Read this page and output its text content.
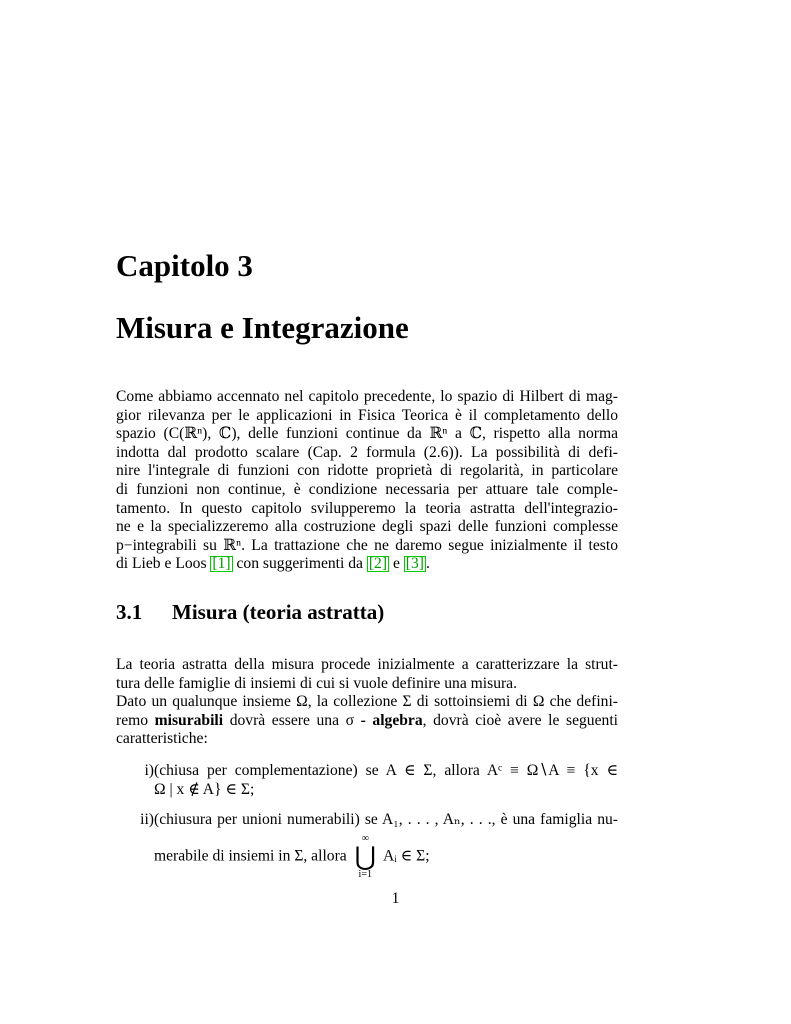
Capitolo 3
Misura e Integrazione
Come abbiamo accennato nel capitolo precedente, lo spazio di Hilbert di mag-
gior rilevanza per le applicazioni in Fisica Teorica è il completamento dello
spazio (C(ℝⁿ), ℂ), delle funzioni continue da ℝⁿ a ℂ, rispetto alla norma
indotta dal prodotto scalare (Cap. 2 formula (2.6)). La possibilità di defi-
nire l'integrale di funzioni con ridotte proprietà di regolarità, in particolare
di funzioni non continue, è condizione necessaria per attuare tale comple-
tamento. In questo capitolo svilupperemo la teoria astratta dell'integrazio-
ne e la specializzeremo alla costruzione degli spazi delle funzioni complesse
p−integrabili su ℝⁿ. La trattazione che ne daremo segue inizialmente il testo
di Lieb e Loos [1] con suggerimenti da [2] e [3] .
3.1 Misura (teoria astratta)
La teoria astratta della misura procede inizialmente a caratterizzare la strut-
tura delle famiglie di insiemi di cui si vuole definire una misura.
Dato un qualunque insieme Ω, la collezione Σ di sottoinsiemi di Ω che defini-
remo misurabili dovrà essere una σ - algebra, dovrà cioè avere le seguenti
caratteristiche:
i) (chiusa per complementazione) se A ∈ Σ, allora Aᶜ ≡ Ω∖A ≡ {x ∈
Ω | x ∉ A} ∈ Σ;
ii) (chiusura per unioni numerabili) se A₁, . . . , Aₙ, . . ., è una famiglia nu-
merabile di insiemi in Σ, allora
∞
⋃
i=1
Aᵢ ∈ Σ;
1
